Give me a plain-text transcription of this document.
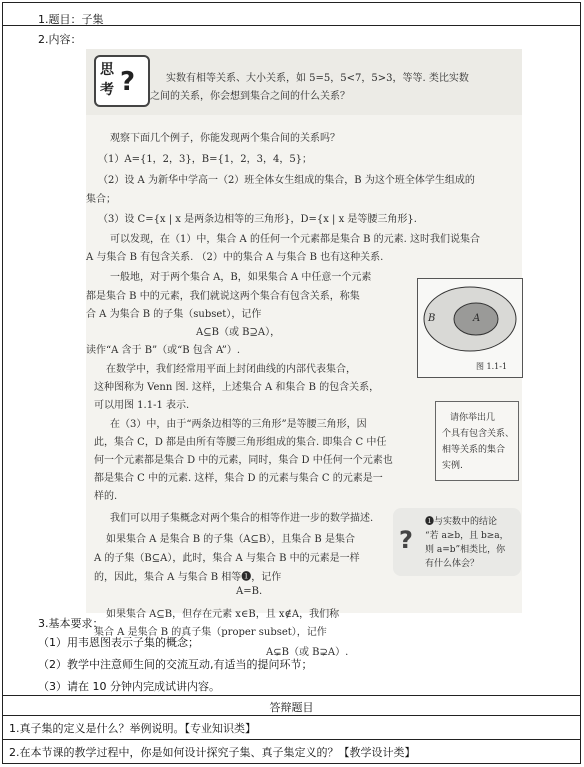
1.题目：子集
2.内容：
思
考 ?	实数有相等关系、大小关系，如 5=5，5<7，5>3，等等. 类比实数
之间的关系，你会想到集合之间的什么关系？
观察下面几个例子，你能发现两个集合间的关系吗？
（1）A={1，2，3}，B={1，2，3，4，5}；
（2）设 A 为新华中学高一（2）班全体女生组成的集合，B 为这个班全体学生组成的
集合；
（3）设 C={x | x 是两条边相等的三角形}，D={x | x 是等腰三角形}.
可以发现，在（1）中，集合 A 的任何一个元素都是集合 B 的元素. 这时我们说集合
A 与集合 B 有包含关系. （2）中的集合 A 与集合 B 也有这种关系.
一般地，对于两个集合 A，B，如果集合 A 中任意一个元素
都是集合 B 中的元素，我们就说这两个集合有包含关系，称集
合 A 为集合 B 的子集（subset），记作
A⊆B（或 B⊇A），
读作“A 含于 B”（或“B 包含 A”）.
在数学中，我们经常用平面上封闭曲线的内部代表集合，
这种图称为 Venn 图. 这样，上述集合 A 和集合 B 的包含关系，
可以用图 1.1-1 表示.
在（3）中，由于“两条边相等的三角形”是等腰三角形，因
此，集合 C，D 都是由所有等腰三角形组成的集合. 即集合 C 中任
何一个元素都是集合 D 中的元素，同时，集合 D 中任何一个元素也
都是集合 C 中的元素. 这样，集合 D 的元素与集合 C 的元素是一
样的.
我们可以用子集概念对两个集合的相等作进一步的数学描述.
如果集合 A 是集合 B 的子集（A⊆B），且集合 B 是集合
A 的子集（B⊆A），此时，集合 A 与集合 B 中的元素是一样
的，因此，集合 A 与集合 B 相等❶，记作
A=B.
如果集合 A⊆B，但存在元素 x∈B，且 x∉A，我们称
集合 A 是集合 B 的真子集（proper subset），记作
A⊊B（或 B⊋A）.
B	A
图 1.1-1
请你举出几
个具有包含关系、
相等关系的集合
实例.
?
❶与实数中的结论
“若 a≥b，且 b≥a，
则 a=b”相类比，你
有什么体会？
3.基本要求：
（1）用韦恩图表示子集的概念；
（2）教学中注意师生间的交流互动,有适当的提问环节；
（3）请在 10 分钟内完成试讲内容。
答辩题目
1.真子集的定义是什么？举例说明。【专业知识类】
2.在本节课的教学过程中，你是如何设计探究子集、真子集定义的？【教学设计类】
